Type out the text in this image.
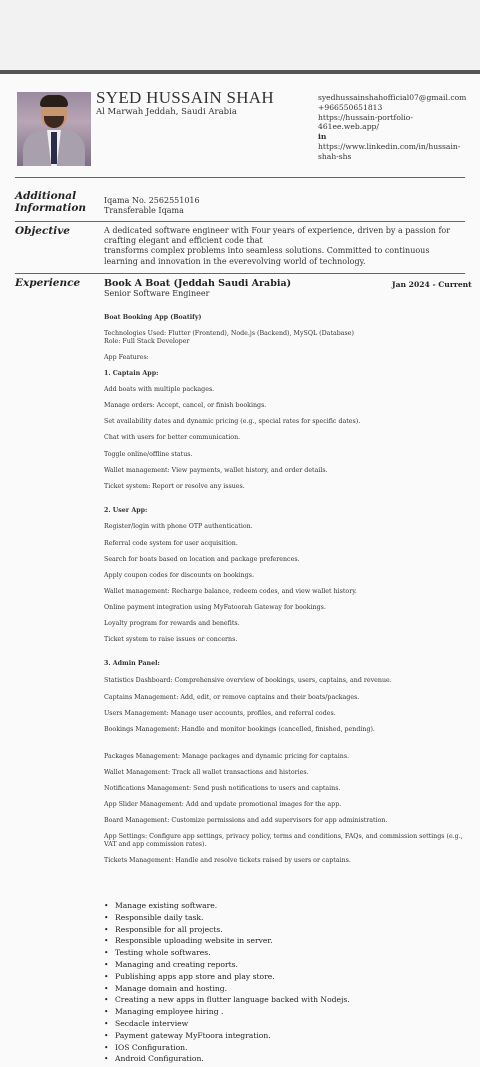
SYED HUSSAIN SHAH
Al Marwah Jeddah, Saudi Arabia
syedhussainshahofficial07@gmail.com
+966550651813
https://hussain-portfolio-
461ee.web.app/
in
https://www.linkedin.com/in/hussain-
shah-shs
Additional
Information
Iqama No. 2562551016
Transferable Iqama
Objective	A dedicated software engineer with Four years of experience, driven by a passion for
crafting elegant and efficient code that
transforms complex problems into seamless solutions. Committed to continuous
learning and innovation in the everevolving world of technology.
Experience	Book A Boat (Jeddah Saudi Arabia)	Jan 2024 - Current
Senior Software Engineer
Boat Booking App (Boatify)
Technologies Used: Flutter (Frontend), Node.js (Backend), MySQL (Database)
Role: Full Stack Developer
App Features:
1. Captain App:
Add boats with multiple packages.
Manage orders: Accept, cancel, or finish bookings.
Set availability dates and dynamic pricing (e.g., special rates for specific dates).
Chat with users for better communication.
Toggle online/offline status.
Wallet management: View payments, wallet history, and order details.
Ticket system: Report or resolve any issues.
2. User App:
Register/login with phone OTP authentication.
Referral code system for user acquisition.
Search for boats based on location and package preferences.
Apply coupon codes for discounts on bookings.
Wallet management: Recharge balance, redeem codes, and view wallet history.
Online payment integration using MyFatoorah Gateway for bookings.
Loyalty program for rewards and benefits.
Ticket system to raise issues or concerns.
3. Admin Panel:
Statistics Dashboard: Comprehensive overview of bookings, users, captains, and revenue.
Captains Management: Add, edit, or remove captains and their boats/packages.
Users Management: Manage user accounts, profiles, and referral codes.
Bookings Management: Handle and monitor bookings (cancelled, finished, pending).
Packages Management: Manage packages and dynamic pricing for captains.
Wallet Management: Track all wallet transactions and histories.
Notifications Management: Send push notifications to users and captains.
App Slider Management: Add and update promotional images for the app.
Board Management: Customize permissions and add supervisors for app administration.
App Settings: Configure app settings, privacy policy, terms and conditions, FAQs, and commission settings (e.g., VAT and app commission rates).
Tickets Management: Handle and resolve tickets raised by users or captains.
• Manage existing software.
• Responsible daily task.
• Responsible for all projects.
• Responsible uploading website in server.
• Testing whole softwares.
• Managing and creating reports.
• Publishing apps app store and play store.
• Manage domain and hosting.
• Creating a new apps in flutter language backed with Nodejs.
• Managing employee hiring .
• Secdacle interview
• Payment gateway MyFtoora integration.
• IOS Configuration.
• Android Configuration.
